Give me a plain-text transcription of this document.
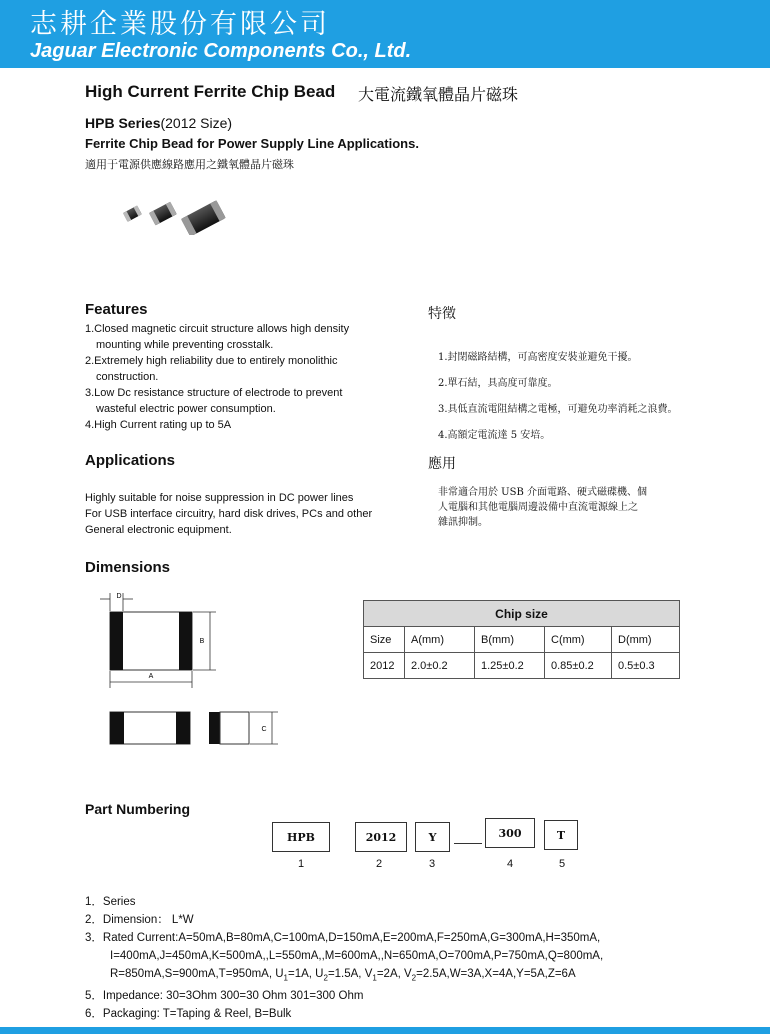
志耕企業股份有限公司
Jaguar Electronic Components Co., Ltd.
High Current Ferrite Chip Bead 大電流鐵氧體晶片磁珠
HPB Series(2012 Size)
Ferrite Chip Bead for Power Supply Line Applications.
適用于電源供應線路應用之鐵氧體晶片磁珠
Features	特徵
1.Closed magnetic circuit structure allows high density
mounting while preventing crosstalk.
2.Extremely high reliability due to entirely monolithic
construction.
3.Low Dc resistance structure of electrode to prevent
wasteful electric power consumption.
4.High Current rating up to 5A
1.封閉磁路結構，可高密度安裝並避免干擾。
2.單石結，具高度可靠度。
3.具低直流電阻結構之電極，可避免功率消耗之浪費。
4.高額定電流達 5 安培。
Applications	應用
Highly suitable for noise suppression in DC power lines
For USB interface circuitry, hard disk drives, PCs and other
General electronic equipment.
非常適合用於 USB 介面電路、硬式磁碟機、個
人電腦和其他電腦周邊設備中直流電源線上之
雜訊抑制。
Dimensions
D
B
A
C
Chip size				
Size	A(mm)	B(mm)	C(mm)	D(mm)
2012	2.0±0.2	1.25±0.2	0.85±0.2	0.5±0.3
Part Numbering
HPB	2012	Y	300	T
1	2	3	4	5
1．Series
2．Dimension： L*W
3．Rated Current:A=50mA,B=80mA,C=100mA,D=150mA,E=200mA,F=250mA,G=300mA,H=350mA,
I=400mA,J=450mA,K=500mA,,L=550mA,,M=600mA,,N=650mA,O=700mA,P=750mA,Q=800mA,
R=850mA,S=900mA,T=950mA, $U_1=1A$, $U_2=1.5A$, $V_1=2A$, $V_2=2.5A,W=3A,X=4A,Y=5A,Z=6A$
5．Impedance: 30=3Ohm 300=30 Ohm 301=300 Ohm
6．Packaging: T=Taping & Reel, B=Bulk
